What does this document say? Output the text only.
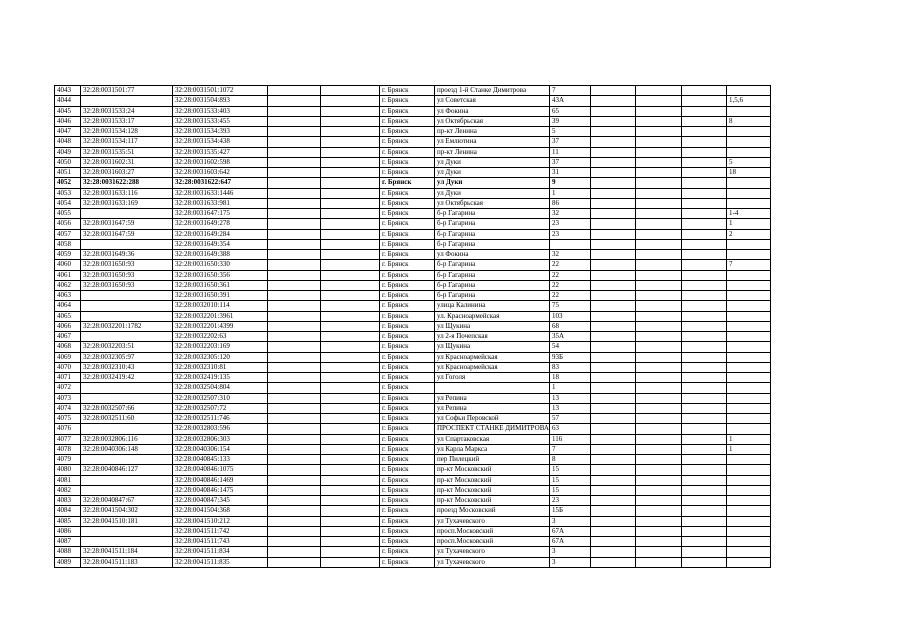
4043	32:28:0031501:77	32:28:0031501:1072			г. Брянск	проезд 1-й Станке Димитрова	7				
4044		32:28:0031504:893			г. Брянск	ул Советская	43А				1,5,6
4045	32:28:0031533:24	32:28:0031533:403			г. Брянск	ул Фокина	65				
4046	32:28:0031533:17	32:28:0031533:455			г. Брянск	ул Октябрьская	39				8
4047	32:28:0031534:128	32:28:0031534:393			г. Брянск	пр-кт Ленина	5				
4048	32:28:0031534:117	32:28:0031534:438			г. Брянск	ул Емлютина	37				
4049	32:28:0031535:51	32:28:0031535:427			г. Брянск	пр-кт Ленина	11				
4050	32:28:0031602:31	32:28:0031602:598			г. Брянск	ул Дуки	37				5
4051	32:28:0031603:27	32:28:0031603:642			г. Брянск	ул Дуки	31				18
4052	32:28:0031622:288	32:28:0031622:647			г. Брянск	ул Дуки	9				
4053	32:28:0031633:116	32:28:0031633:1446			г. Брянск	ул Дуки	1				
4054	32:28:0031633:169	32:28:0031633:981			г. Брянск	ул Октябрьская	86				
4055		32:28:0031647:175			г. Брянск	б-р Гагарина	32				1-4
4056	32:28:0031647:59	32:28:0031649:278			г. Брянск	б-р Гагарина	23				1
4057	32:28:0031647:59	32:28:0031649:284			г. Брянск	б-р Гагарина	23				2
4058		32:28:0031649:354			г. Брянск	б-р Гагарина					
4059	32:28:0031649:36	32:28:0031649:388			г. Брянск	ул Фокина	32				
4060	32:28:0031650:93	32:28:0031650:330			г. Брянск	б-р Гагарина	22				7
4061	32:28:0031650:93	32:28:0031650:356			г. Брянск	б-р Гагарина	22				
4062	32:28:0031650:93	32:28:0031650:361			г. Брянск	б-р Гагарина	22				
4063		32:28:0031650:391			г. Брянск	б-р Гагарина	22				
4064		32:28:0032010:114			г. Брянск	улица Калинина	75				
4065		32:28:0032201:3961			г. Брянск	ул. Красноармейская	103				
4066	32:28:0032201:1782	32:28:0032201:4399			г. Брянск	ул Щукина	68				
4067		32:28:0032202:63			г. Брянск	ул 2-я Почепская	35А				
4068	32:28:0032203:51	32:28:0032203:169			г. Брянск	ул Щукина	54				
4069	32:28:0032305:97	32:28:0032305:120			г. Брянск	ул Красноармейская	93Б				
4070	32:28:0032310:43	32:28:0032310:81			г. Брянск	ул Красноармейская	83				
4071	32:28:0032419:42	32:28:0032419:135			г. Брянск	ул Гоголя	18				
4072		32:28:0032504:804			г. Брянск		1				
4073		32:28:0032507:310			г. Брянск	ул Репина	13				
4074	32:28:0032507:66	32:28:0032507:72			г. Брянск	ул Репина	13				
4075	32:28:0032511:60	32:28:0032511:746			г. Брянск	ул Софьи Перовской	57				
4076		32:28:0032803:596			г. Брянск	ПРОСПЕКТ СТАНКЕ ДИМИТРОВА	63				
4077	32:28:0032806:116	32:28:0032806:303			г. Брянск	ул Спартаковская	116				1
4078	32:28:0040306:148	32:28:0040306:154			г. Брянск	ул Карла Маркса	7				1
4079		32:28:0040845:133			г. Брянск	пер Пилецкий	8				
4080	32:28:0040846:127	32:28:0040846:1075			г. Брянск	пр-кт Московский	15				
4081		32:28:0040846:1469			г. Брянск	пр-кт Московский	15				
4082		32:28:0040846:1475			г. Брянск	пр-кт Московский	15				
4083	32:28:0040847:67	32:28:0040847:345			г. Брянск	пр-кт Московский	23				
4084	32:28:0041504:302	32:28:0041504:368			г. Брянск	проезд Московский	15Б				
4085	32:28:0041510:181	32:28:0041510:212			г. Брянск	ул Тухачевского	3				
4086		32:28:0041511:742			г. Брянск	просп.Московский	67А				
4087		32:28:0041511:743			г. Брянск	просп.Московский	67А				
4088	32:28:0041511:184	32:28:0041511:834			г. Брянск	ул Тухачевского	3				
4089	32:28:0041511:183	32:28:0041511:835			г. Брянск	ул Тухачевского	3				
